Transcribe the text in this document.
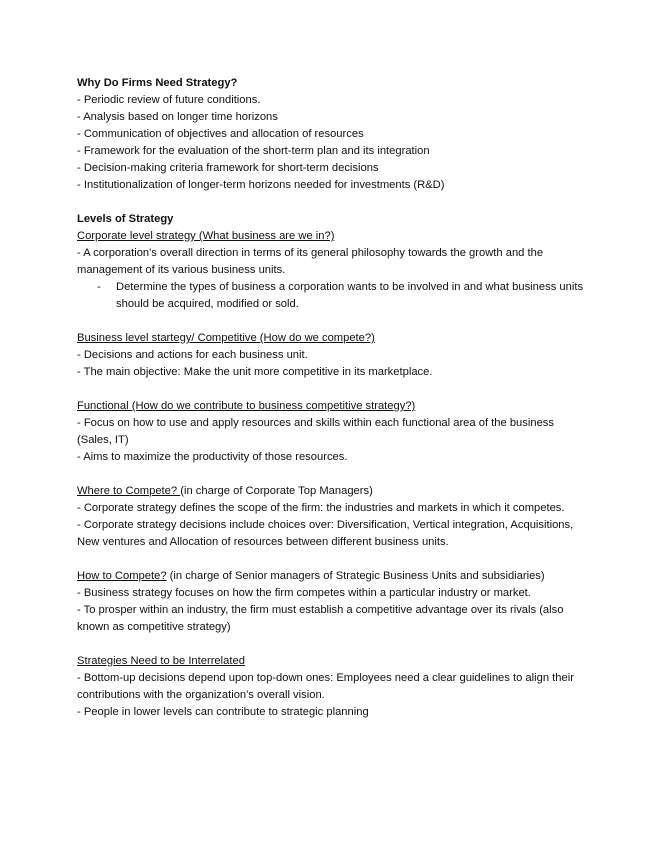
Why Do Firms Need Strategy?

- Periodic review of future conditions.

- Analysis based on longer time horizons

- Communication of objectives and allocation of resources

- Framework for the evaluation of the short-term plan and its integration

- Decision-making criteria framework for short-term decisions

- Institutionalization of longer-term horizons needed for investments (R&D)

Levels of Strategy

Corporate level strategy (What business are we in?)

- A corporation's overall direction in terms of its general philosophy towards the growth and the management of its various business units.

- Determine the types of business a corporation wants to be involved in and what business units should be acquired, modified or sold.

Business level startegy/ Competitive (How do we compete?)

- Decisions and actions for each business unit.

- The main objective: Make the unit more competitive in its marketplace.

Functional (How do we contribute to business competitive strategy?)

- Focus on how to use and apply resources and skills within each functional area of the business (Sales, IT)

- Aims to maximize the productivity of those resources.

Where to Compete? (in charge of Corporate Top Managers)

- Corporate strategy defines the scope of the firm: the industries and markets in which it competes.

- Corporate strategy decisions include choices over: Diversification, Vertical integration, Acquisitions, New ventures and Allocation of resources between different business units.

How to Compete? (in charge of Senior managers of Strategic Business Units and subsidiaries)

- Business strategy focuses on how the firm competes within a particular industry or market.

- To prosper within an industry, the firm must establish a competitive advantage over its rivals (also known as competitive strategy)

Strategies Need to be Interrelated

- Bottom-up decisions depend upon top-down ones: Employees need a clear guidelines to align their contributions with the organization's overall vision.

- People in lower levels can contribute to strategic planning
